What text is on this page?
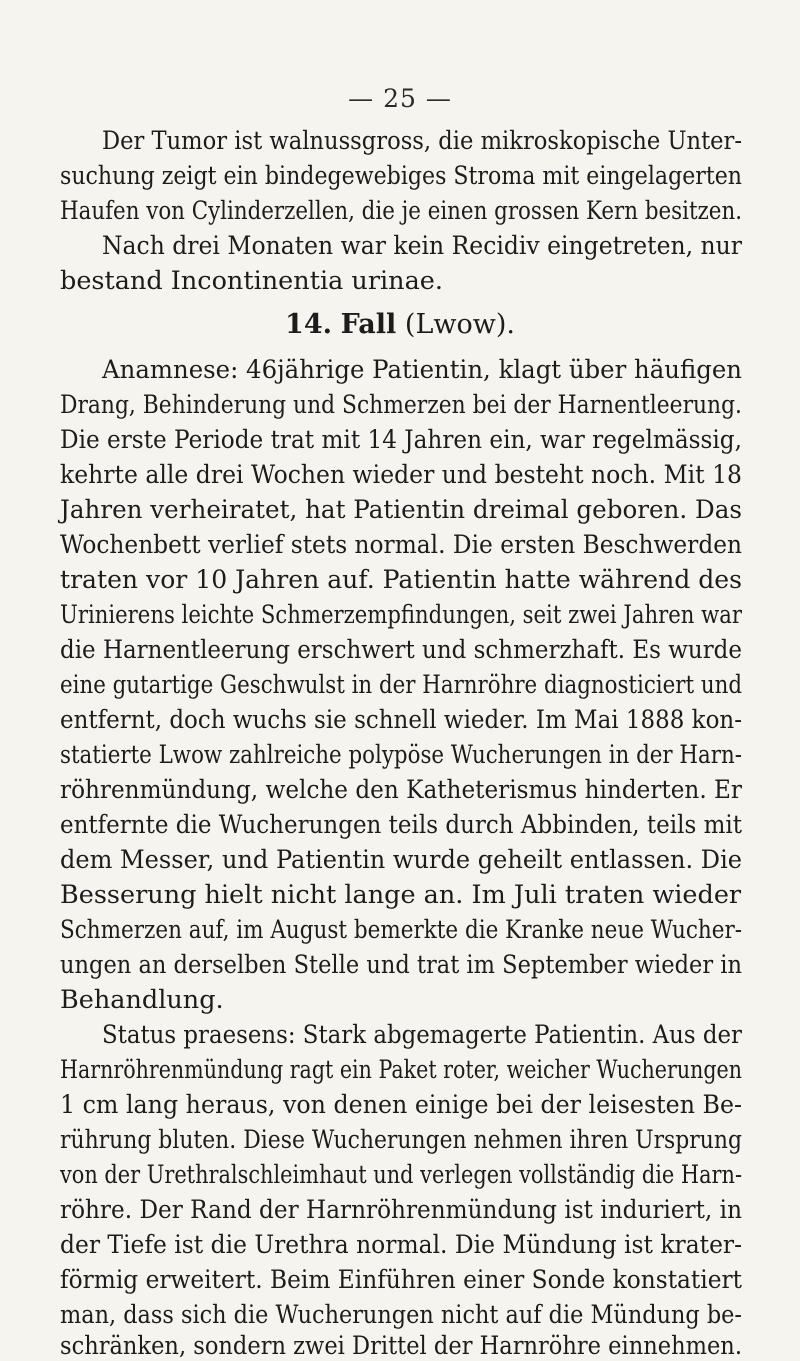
— 25 —
Der Tumor ist walnussgross, die mikroskopische Unter-
suchung zeigt ein bindegewebiges Stroma mit eingelagerten
Haufen von Cylinderzellen, die je einen grossen Kern besitzen.
Nach drei Monaten war kein Recidiv eingetreten, nur
bestand Incontinentia urinae.
14. Fall (Lwow).
Anamnese: 46jährige Patientin, klagt über häufigen
Drang, Behinderung und Schmerzen bei der Harnentleerung.
Die erste Periode trat mit 14 Jahren ein, war regelmässig,
kehrte alle drei Wochen wieder und besteht noch. Mit 18
Jahren verheiratet, hat Patientin dreimal geboren. Das
Wochenbett verlief stets normal. Die ersten Beschwerden
traten vor 10 Jahren auf. Patientin hatte während des
Urinierens leichte Schmerzempfindungen, seit zwei Jahren war
die Harnentleerung erschwert und schmerzhaft. Es wurde
eine gutartige Geschwulst in der Harnröhre diagnosticiert und
entfernt, doch wuchs sie schnell wieder. Im Mai 1888 kon-
statierte Lwow zahlreiche polypöse Wucherungen in der Harn-
röhrenmündung, welche den Katheterismus hinderten. Er
entfernte die Wucherungen teils durch Abbinden, teils mit
dem Messer, und Patientin wurde geheilt entlassen. Die
Besserung hielt nicht lange an. Im Juli traten wieder
Schmerzen auf, im August bemerkte die Kranke neue Wucher-
ungen an derselben Stelle und trat im September wieder in
Behandlung.
Status praesens: Stark abgemagerte Patientin. Aus der
Harnröhrenmündung ragt ein Paket roter, weicher Wucherungen
1 cm lang heraus, von denen einige bei der leisesten Be-
rührung bluten. Diese Wucherungen nehmen ihren Ursprung
von der Urethralschleimhaut und verlegen vollständig die Harn-
röhre. Der Rand der Harnröhrenmündung ist induriert, in
der Tiefe ist die Urethra normal. Die Mündung ist krater-
förmig erweitert. Beim Einführen einer Sonde konstatiert
man, dass sich die Wucherungen nicht auf die Mündung be-
schränken, sondern zwei Drittel der Harnröhre einnehmen.
